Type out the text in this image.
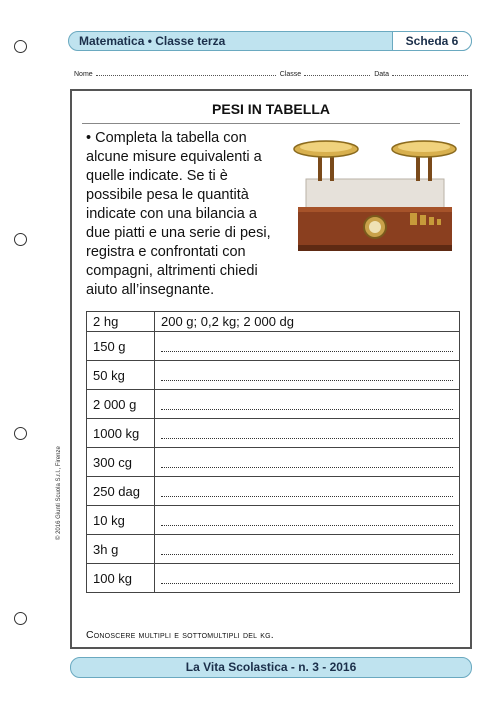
Matematica • Classe terza	Scheda 6
Nome	Classe	Data
PESI IN TABELLA
• Completa la tabella con alcune misure equivalenti a quelle indicate. Se ti è possibile pesa le quantità indicate con una bilancia a due piatti e una serie di pesi, registra e confrontati con compagni, altrimenti chiedi aiuto all’insegnante.
2 hg	200 g; 0,2 kg; 2 000 dg
150 g	

50 kg	

2 000 g	

1000 kg	

300 cg	

250 dag	

10 kg	

3h g	

100 kg	
Conoscere multipli e sottomultipli del kg.
© 2016 Giunti Scuola S.r.l., Firenze
La Vita Scolastica - n. 3 - 2016
